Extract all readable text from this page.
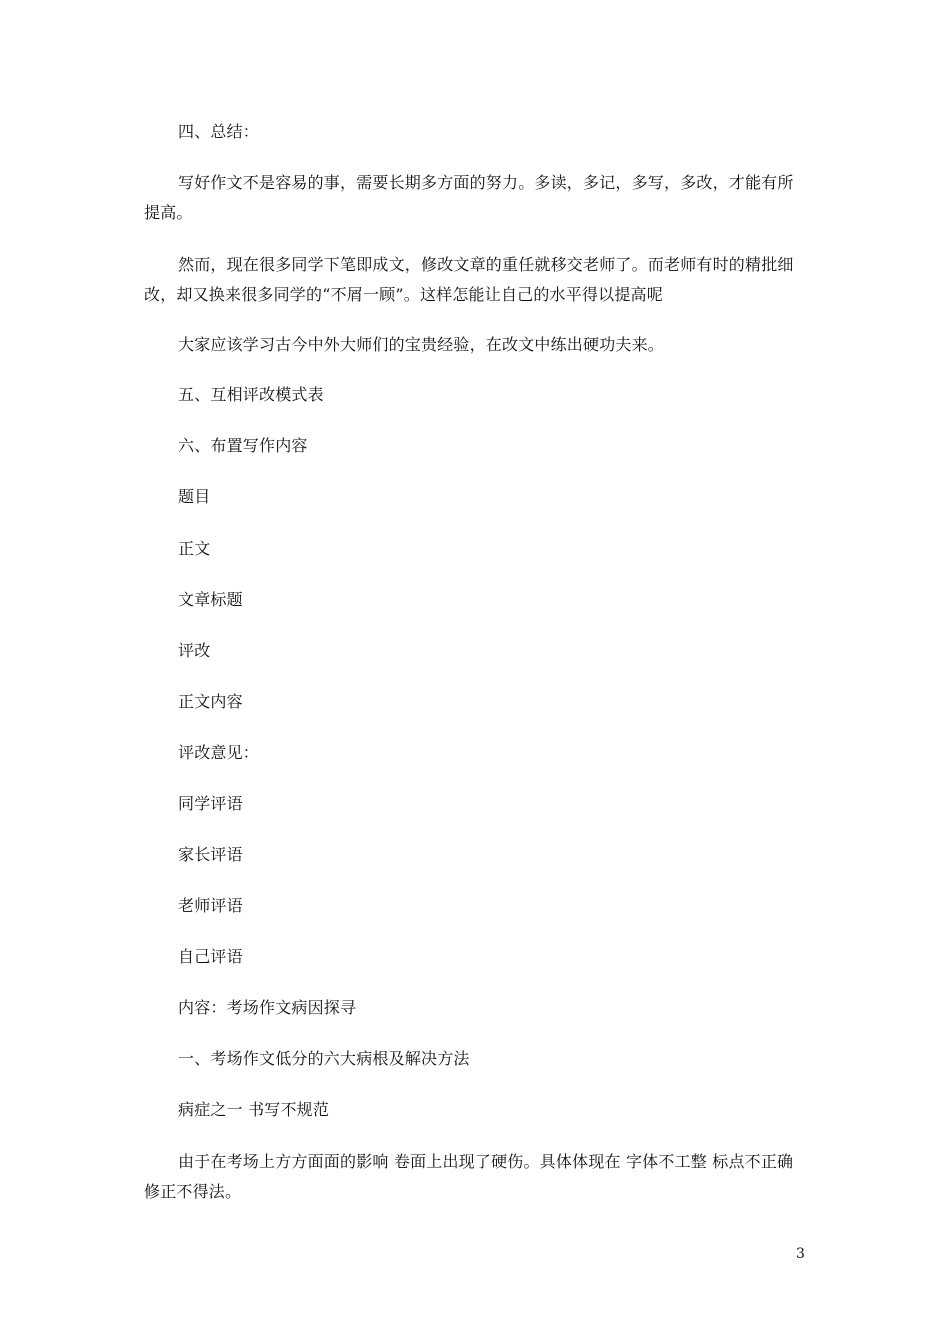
四、总结：
写好作文不是容易的事，需要长期多方面的努力。多读，多记，多写，多改，才能有所提高。
然而，现在很多同学下笔即成文，修改文章的重任就移交老师了。而老师有时的精批细改，却又换来很多同学的“不屑一顾”。这样怎能让自己的水平得以提高呢
大家应该学习古今中外大师们的宝贵经验，在改文中练出硬功夫来。
五、互相评改模式表
六、布置写作内容
题目
正文
文章标题
评改
正文内容
评改意见：
同学评语
家长评语
老师评语
自己评语
内容：考场作文病因探寻
一、考场作文低分的六大病根及解决方法
病症之一 书写不规范
由于在考场上方方面面的影响 卷面上出现了硬伤。具体体现在 字体不工整 标点不正确 修正不得法。
3
